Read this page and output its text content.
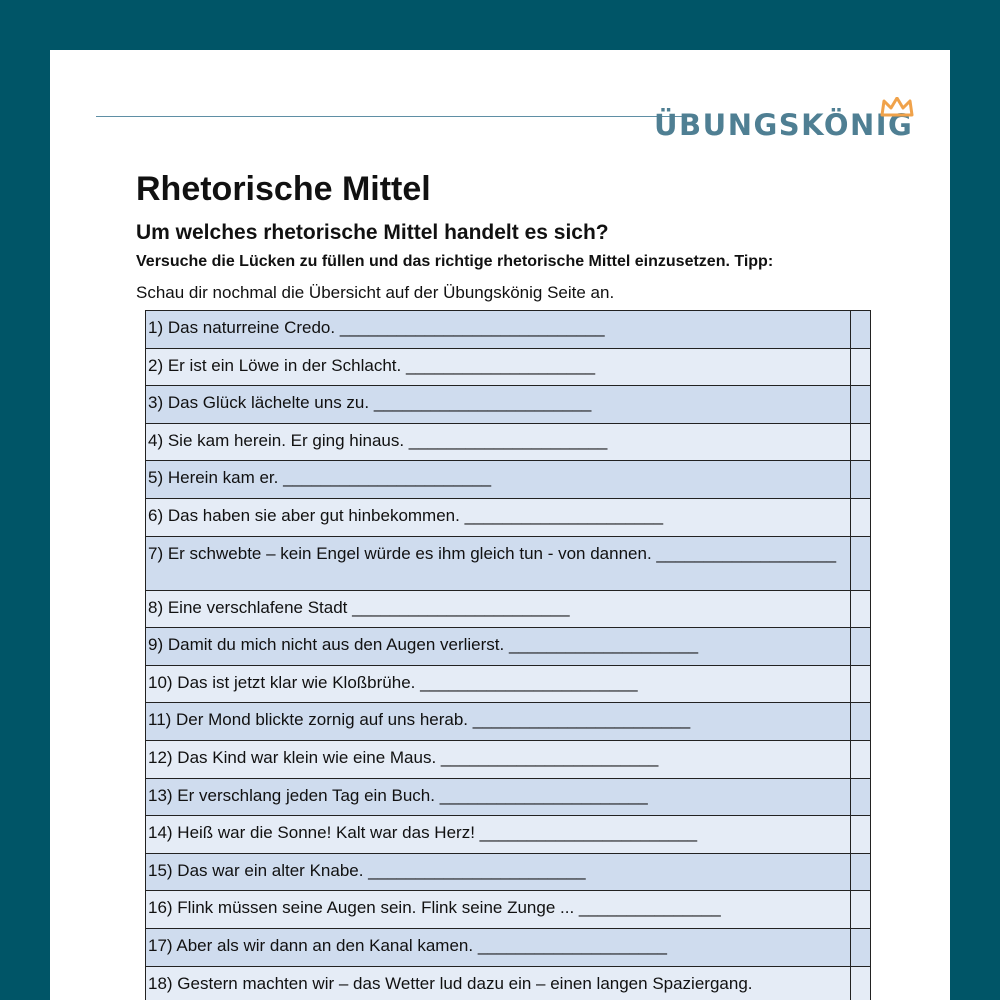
ÜBUNGSKÖNIG
Rhetorische Mittel
Um welches rhetorische Mittel handelt es sich?

Versuche die Lücken zu füllen und das richtige rhetorische Mittel einzusetzen. Tipp:

Schau dir nochmal die Übersicht auf der Übungskönig Seite an.

1) Das naturreine Credo. ____________________________
2) Er ist ein Löwe in der Schlacht. ____________________
3) Das Glück lächelte uns zu. _______________________
4) Sie kam herein. Er ging hinaus. _____________________
5) Herein kam er. ______________________
6) Das haben sie aber gut hinbekommen. _____________________
7) Er schwebte – kein Engel würde es ihm gleich tun - von dannen. ___________________
8) Eine verschlafene Stadt _______________________
9) Damit du mich nicht aus den Augen verlierst. ____________________
10) Das ist jetzt klar wie Kloßbrühe. _______________________
11) Der Mond blickte zornig auf uns herab. _______________________
12) Das Kind war klein wie eine Maus. _______________________
13) Er verschlang jeden Tag ein Buch. ______________________
14) Heiß war die Sonne! Kalt war das Herz! _______________________
15) Das war ein alter Knabe. _______________________
16) Flink müssen seine Augen sein. Flink seine Zunge ... _______________
17) Aber als wir dann an den Kanal kamen. ____________________
18) Gestern machten wir – das Wetter lud dazu ein – einen langen Spaziergang.
